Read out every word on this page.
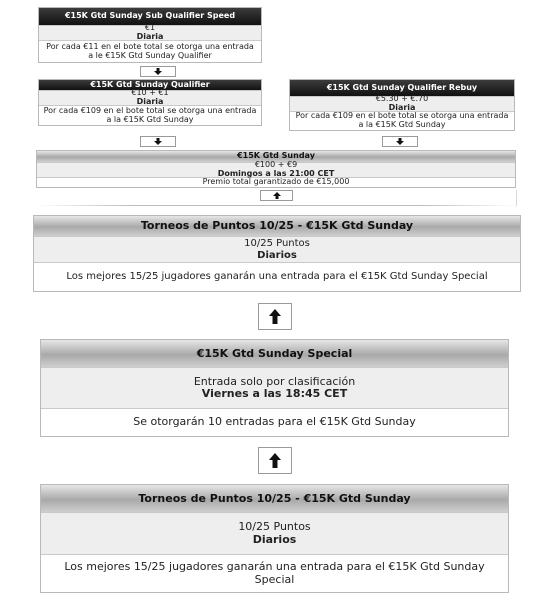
€15K Gtd Sunday Sub Qualifier Speed
€1
Diaria
Por cada €11 en el bote total se otorga una entrada a le €15K Gtd Sunday Qualifier
€15K Gtd Sunday Qualifier
€10 + €1
Diaria
Por cada €109 en el bote total se otorga una entrada a la €15K Gtd Sunday
€15K Gtd Sunday Qualifier Rebuy
€5.30 + €.70
Diaria
Por cada €109 en el bote total se otorga una entrada a la €15K Gtd Sunday
€15K Gtd Sunday
€100 + €9
Domingos a las 21:00 CET
Premio total garantizado de €15,000
Torneos de Puntos 10/25 - €15K Gtd Sunday
10/25 Puntos
Diarios
Los mejores 15/25 jugadores ganarán una entrada para el €15K Gtd Sunday Special
€15K Gtd Sunday Special
Entrada solo por clasificación
Viernes a las 18:45 CET
Se otorgarán 10 entradas para el €15K Gtd Sunday
Torneos de Puntos 10/25 - €15K Gtd Sunday
10/25 Puntos
Diarios
Los mejores 15/25 jugadores ganarán una entrada para el €15K Gtd Sunday Special
